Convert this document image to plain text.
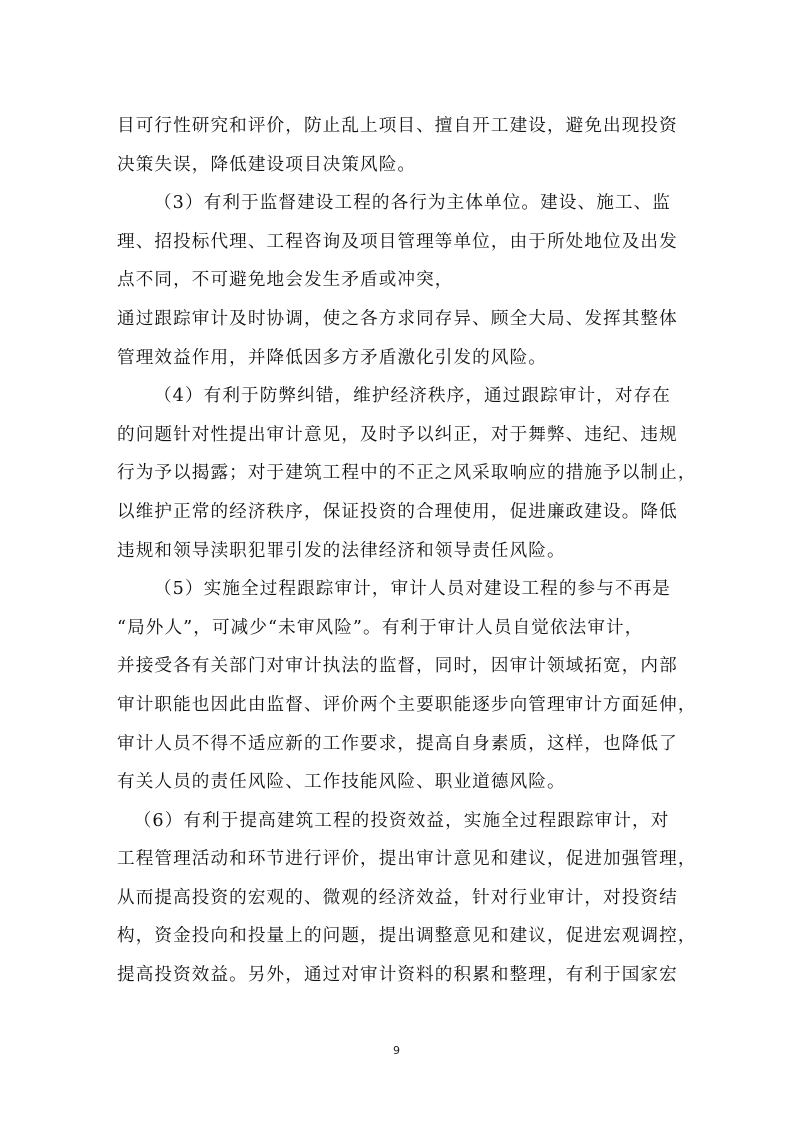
目可行性研究和评价，防止乱上项目、擅自开工建设，避免出现投资
决策失误，降低建设项目决策风险。

（3）有利于监督建设工程的各行为主体单位。建设、施工、监
理、招投标代理、工程咨询及项目管理等单位，由于所处地位及出发
点不同，不可避免地会发生矛盾或冲突，
通过跟踪审计及时协调，使之各方求同存异、顾全大局、发挥其整体
管理效益作用，并降低因多方矛盾激化引发的风险。

（4）有利于防弊纠错，维护经济秩序，通过跟踪审计，对存在
的问题针对性提出审计意见，及时予以纠正，对于舞弊、违纪、违规
行为予以揭露；对于建筑工程中的不正之风采取响应的措施予以制止，
以维护正常的经济秩序，保证投资的合理使用，促进廉政建设。降低
违规和领导渎职犯罪引发的法律经济和领导责任风险。

（5）实施全过程跟踪审计，审计人员对建设工程的参与不再是
“局外人”，可减少“未审风险”。有利于审计人员自觉依法审计，
并接受各有关部门对审计执法的监督，同时，因审计领域拓宽，内部
审计职能也因此由监督、评价两个主要职能逐步向管理审计方面延伸，
审计人员不得不适应新的工作要求，提高自身素质，这样，也降低了
有关人员的责任风险、工作技能风险、职业道德风险。

（6）有利于提高建筑工程的投资效益，实施全过程跟踪审计，对
工程管理活动和环节进行评价，提出审计意见和建议，促进加强管理，
从而提高投资的宏观的、微观的经济效益，针对行业审计，对投资结
构，资金投向和投量上的问题，提出调整意见和建议，促进宏观调控，
提高投资效益。另外，通过对审计资料的积累和整理，有利于国家宏

9
